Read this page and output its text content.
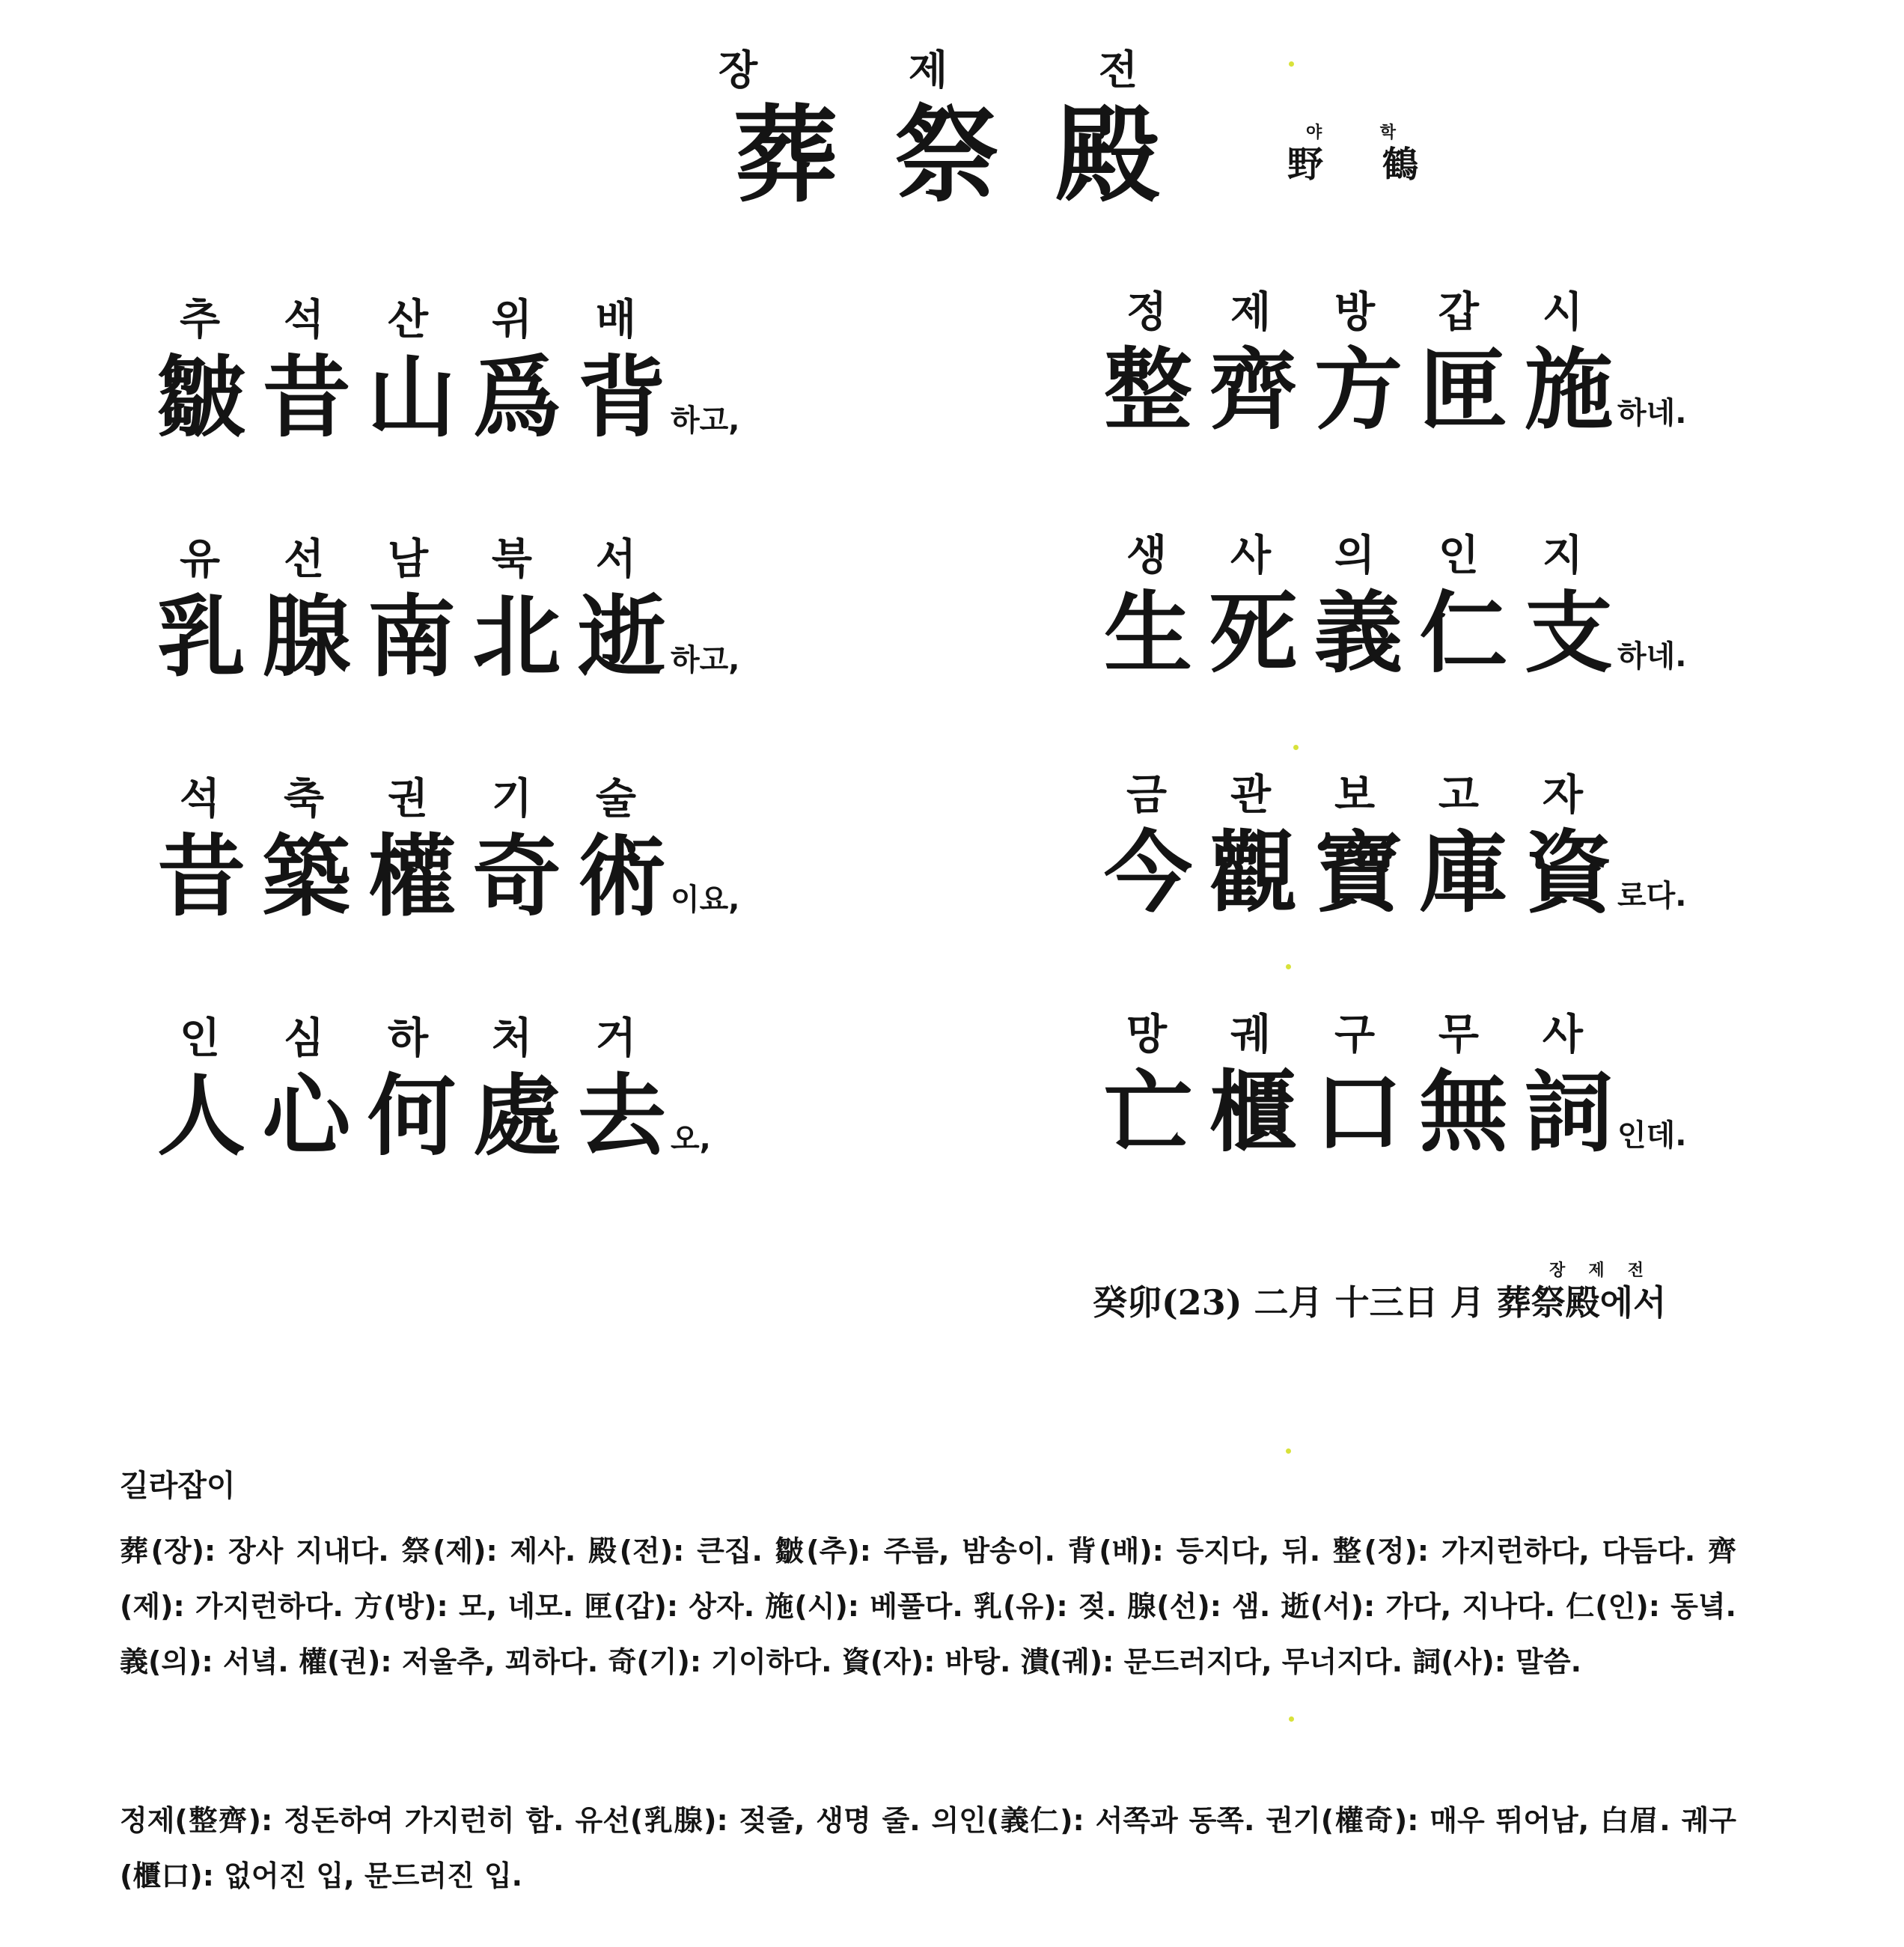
장	제	전
葬 祭 殿	야	학
野 鶴
추 석 산 위 배
皺 昔 山 爲 背 하고,
유 선 남 북 서
乳 腺 南 北 逝 하고,
석 축 권 기 술
昔 築 權 奇 術 이요,
인 심 하 처 거
人 心 何 處 去 오,
정 제 방 갑 시
整 齊 方 匣 施 하네.
생 사 의 인 지
生 死 義 仁 支 하네.
금 관 보 고 자
今 觀 寶 庫 資 로다.
망 궤 구 무 사
亡 櫃 口 無 詞 인데.
장 제 전
癸卯(23) 二月 十三日 月 葬祭殿에서
길라잡이
葬(장): 장사 지내다. 祭(제): 제사. 殿(전): 큰집. 皺(추): 주름, 밤송이. 背(배): 등지다, 뒤. 整(정): 가지런하다, 다듬다. 齊(제): 가지런하다. 方(방): 모, 네모. 匣(갑): 상자. 施(시): 베풀다. 乳(유): 젖. 腺(선): 샘. 逝(서): 가다, 지나다. 仁(인): 동녘. 義(의): 서녘. 權(권): 저울추, 꾀하다. 奇(기): 기이하다. 資(자): 바탕. 潰(궤): 문드러지다, 무너지다. 詞(사): 말씀.
정제(整齊): 정돈하여 가지런히 함. 유선(乳腺): 젖줄, 생명 줄. 의인(義仁): 서쪽과 동쪽. 권기(權奇): 매우 뛰어남, 白眉. 궤구(櫃口): 없어진 입, 문드러진 입.
